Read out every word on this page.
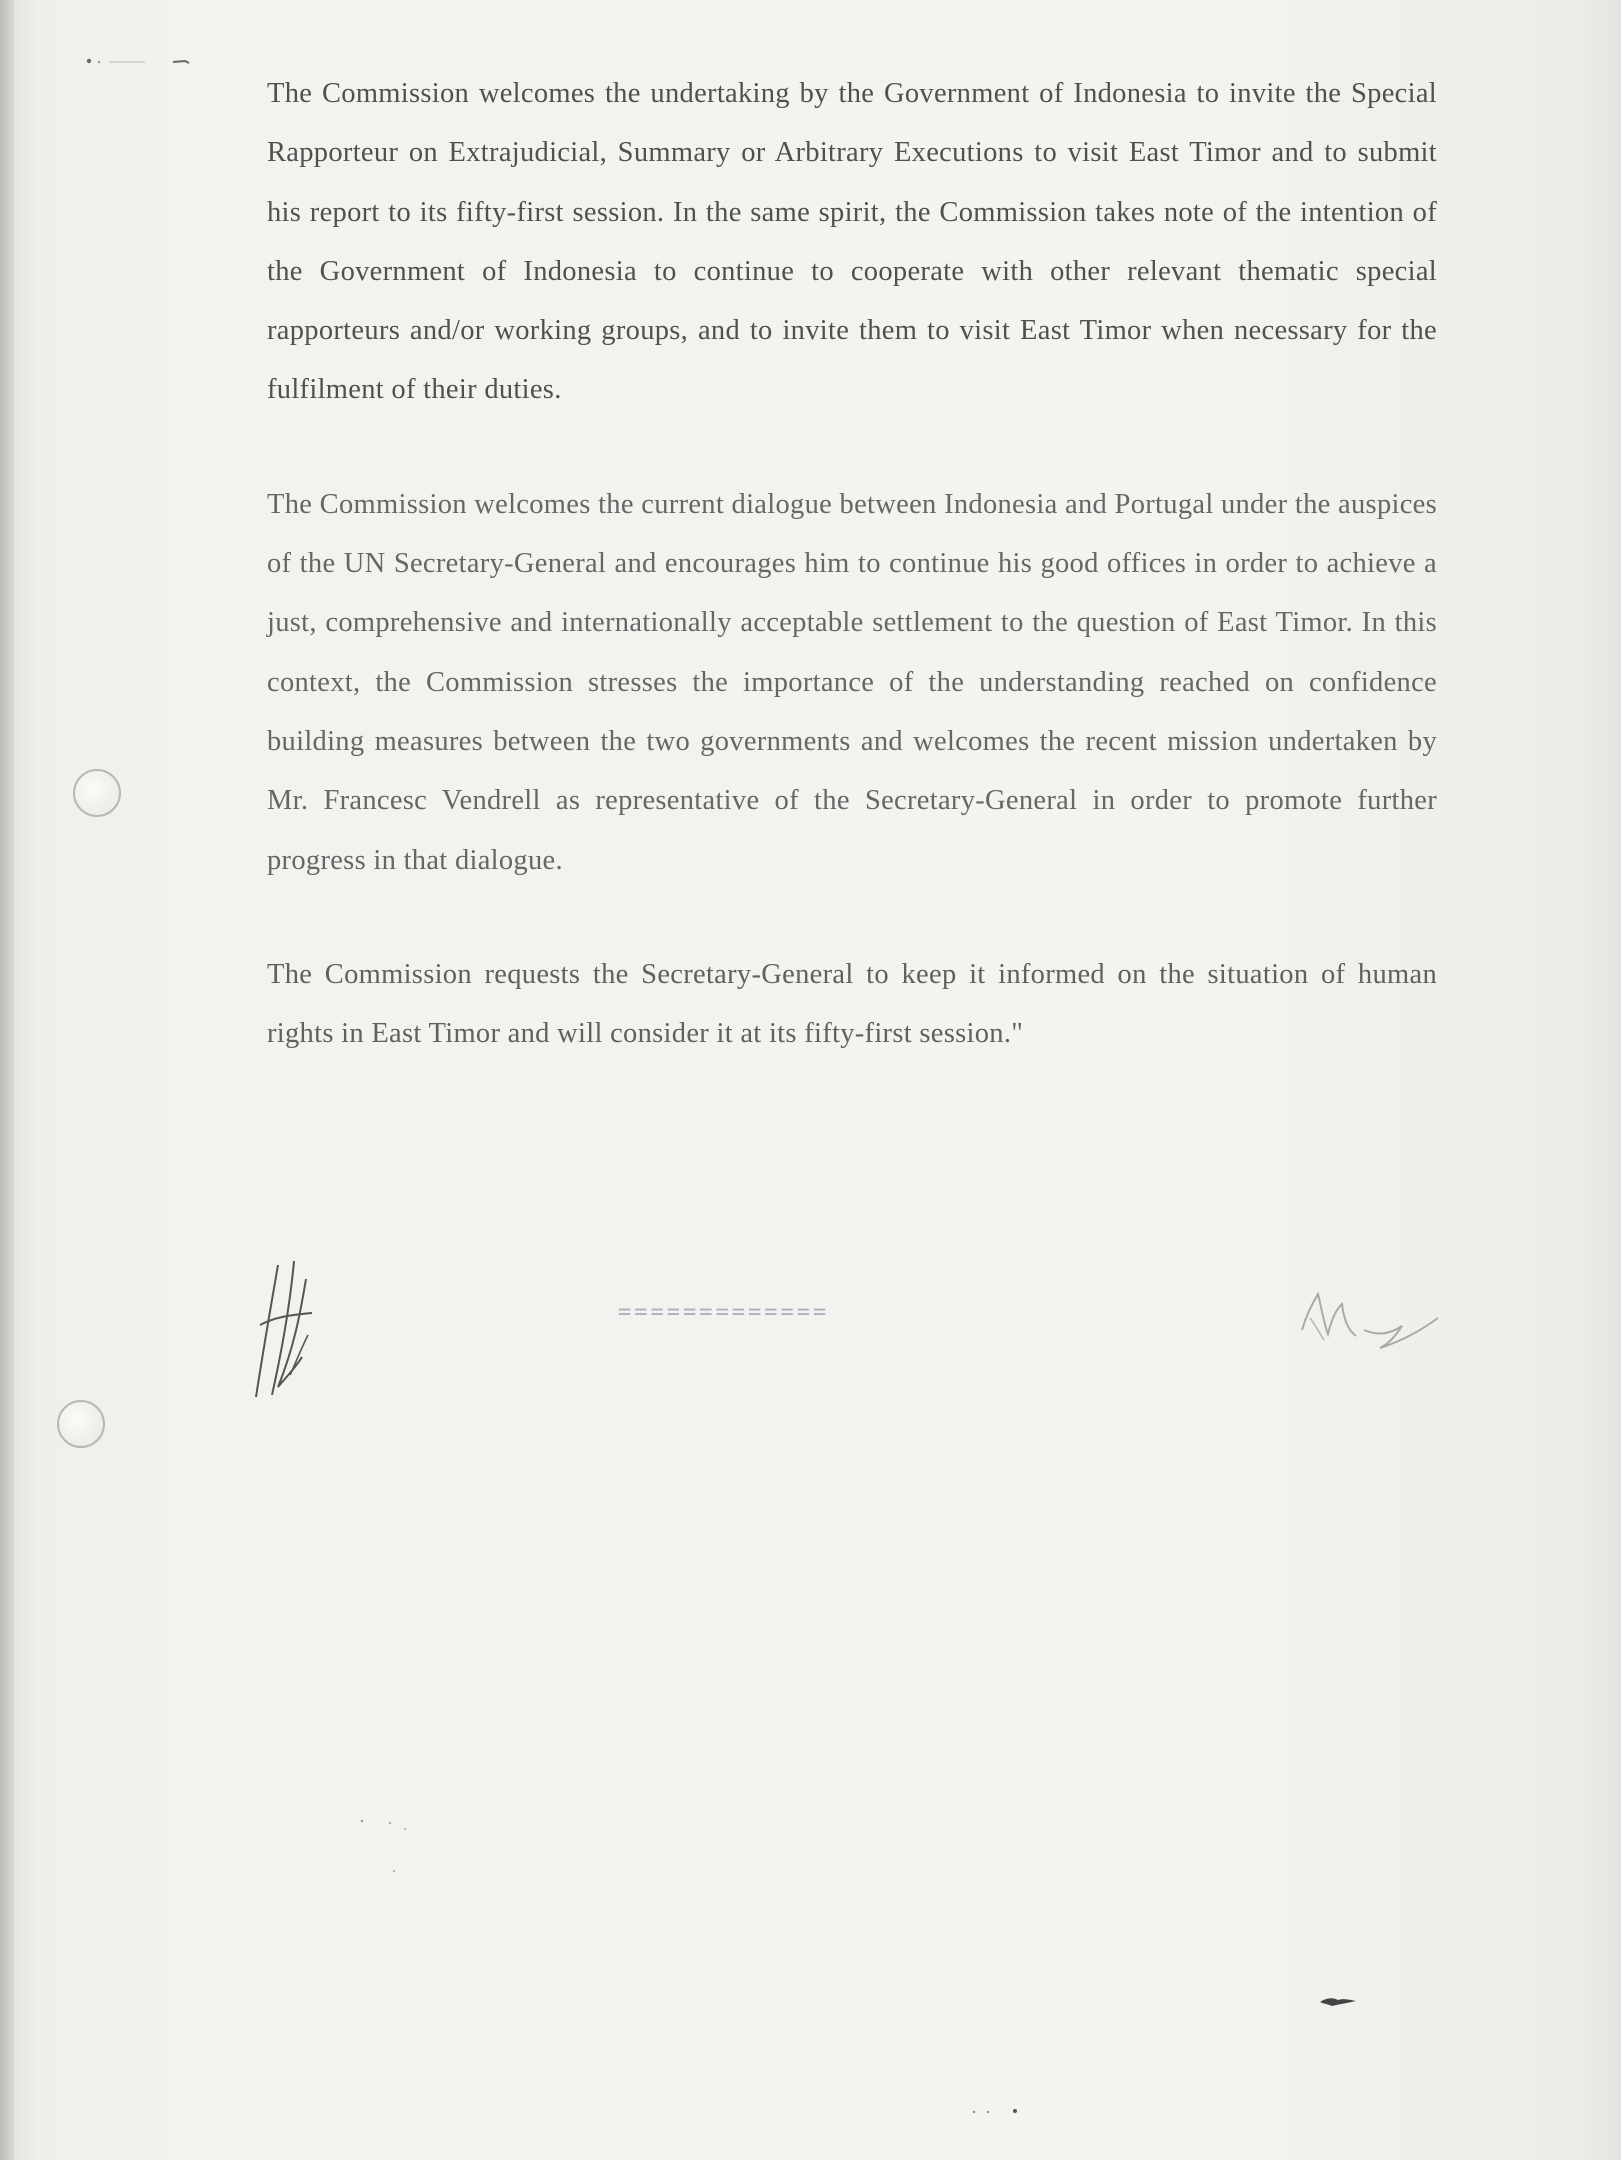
The Commission welcomes the undertaking by the Government of Indonesia to invite the Special Rapporteur on Extrajudicial, Summary or Arbitrary Executions to visit East Timor and to submit his report to its fifty-first session. In the same spirit, the Commission takes note of the intention of the Government of Indonesia to continue to cooperate with other relevant thematic special rapporteurs and/or working groups, and to invite them to visit East Timor when necessary for the fulfilment of their duties.

The Commission welcomes the current dialogue between Indonesia and Portugal under the auspices of the UN Secretary-General and encourages him to continue his good offices in order to achieve a just, comprehensive and internationally acceptable settlement to the question of East Timor. In this context, the Commission stresses the importance of the understanding reached on confidence building measures between the two governments and welcomes the recent mission undertaken by Mr. Francesc Vendrell as representative of the Secretary-General in order to promote further progress in that dialogue.

The Commission requests the Secretary-General to keep it informed on the situation of human rights in East Timor and will consider it at its fifty-first session."

=============
